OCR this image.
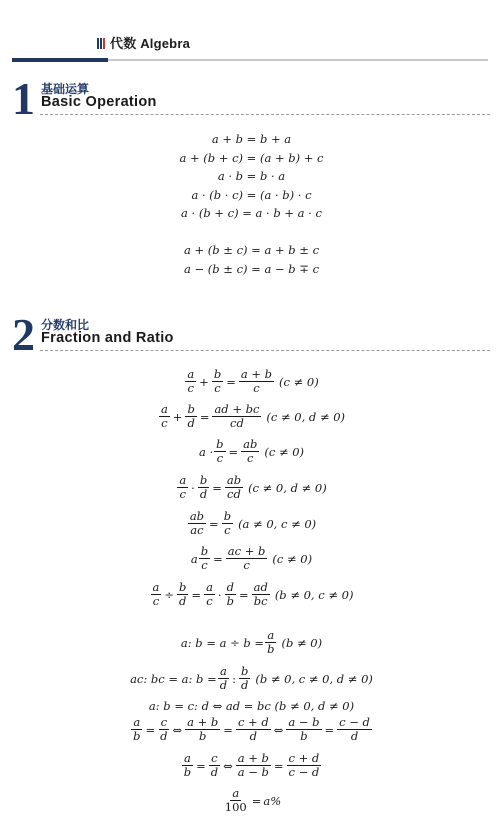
代数 Algebra
1 基础运算
Basic Operation
a + b = b + a
a + (b + c) = (a + b) + c
a · b = b · a
a · (b · c) = (a · b) · c
a · (b + c) = a · b + a · c
a + (b ± c) = a + b ± c
a − (b ± c) = a − b ∓ c
2 分数和比
Fraction and Ratio
$\frac{a}{c} + \frac{b}{c} = \frac{a + b}{c} (c \ne 0)$
$\frac{a}{c} + \frac{b}{d} = \frac{ad + bc}{cd} (c \ne 0$, d ≠ 0)
$a \cdot \frac{b}{c} = \frac{ab}{c} (c \ne 0)$
$\frac{a}{c} \cdot \frac{b}{d} = \frac{ab}{cd} (c \ne 0$, d ≠ 0)
$\frac{ab}{ac} = \frac{b}{c} (a \ne 0$, c ≠ 0)
a $\frac{b}{c} = \frac{ac + b}{c} (c \ne 0)$
$\frac{a}{c} \div \frac{b}{d} = \frac{a}{c} \cdot \frac{d}{b} = \frac{ad}{bc} (b \ne 0$, c ≠ 0)
a: $b = a \div b = \frac{a}{b} (b \ne 0)$
ac: bc = a: $b = \frac{a}{d}$ : $\frac{b}{d} (b \ne 0$, c ≠ 0, d ≠ 0)
a: b = c: d ⇔ ad = bc (b ≠ 0, d ≠ 0)
$\frac{a}{b} = \frac{c}{d}$ ⇔ $\frac{a + b}{b} = \frac{c + d}{d}$ ⇔ $\frac{a - b}{b} = \frac{c - d}{d}$
$\frac{a}{b} = \frac{c}{d}$ ⇔ $\frac{a + b}{a - b} = \frac{c + d}{c - d}$
$\frac{a}{100} = a\%$
